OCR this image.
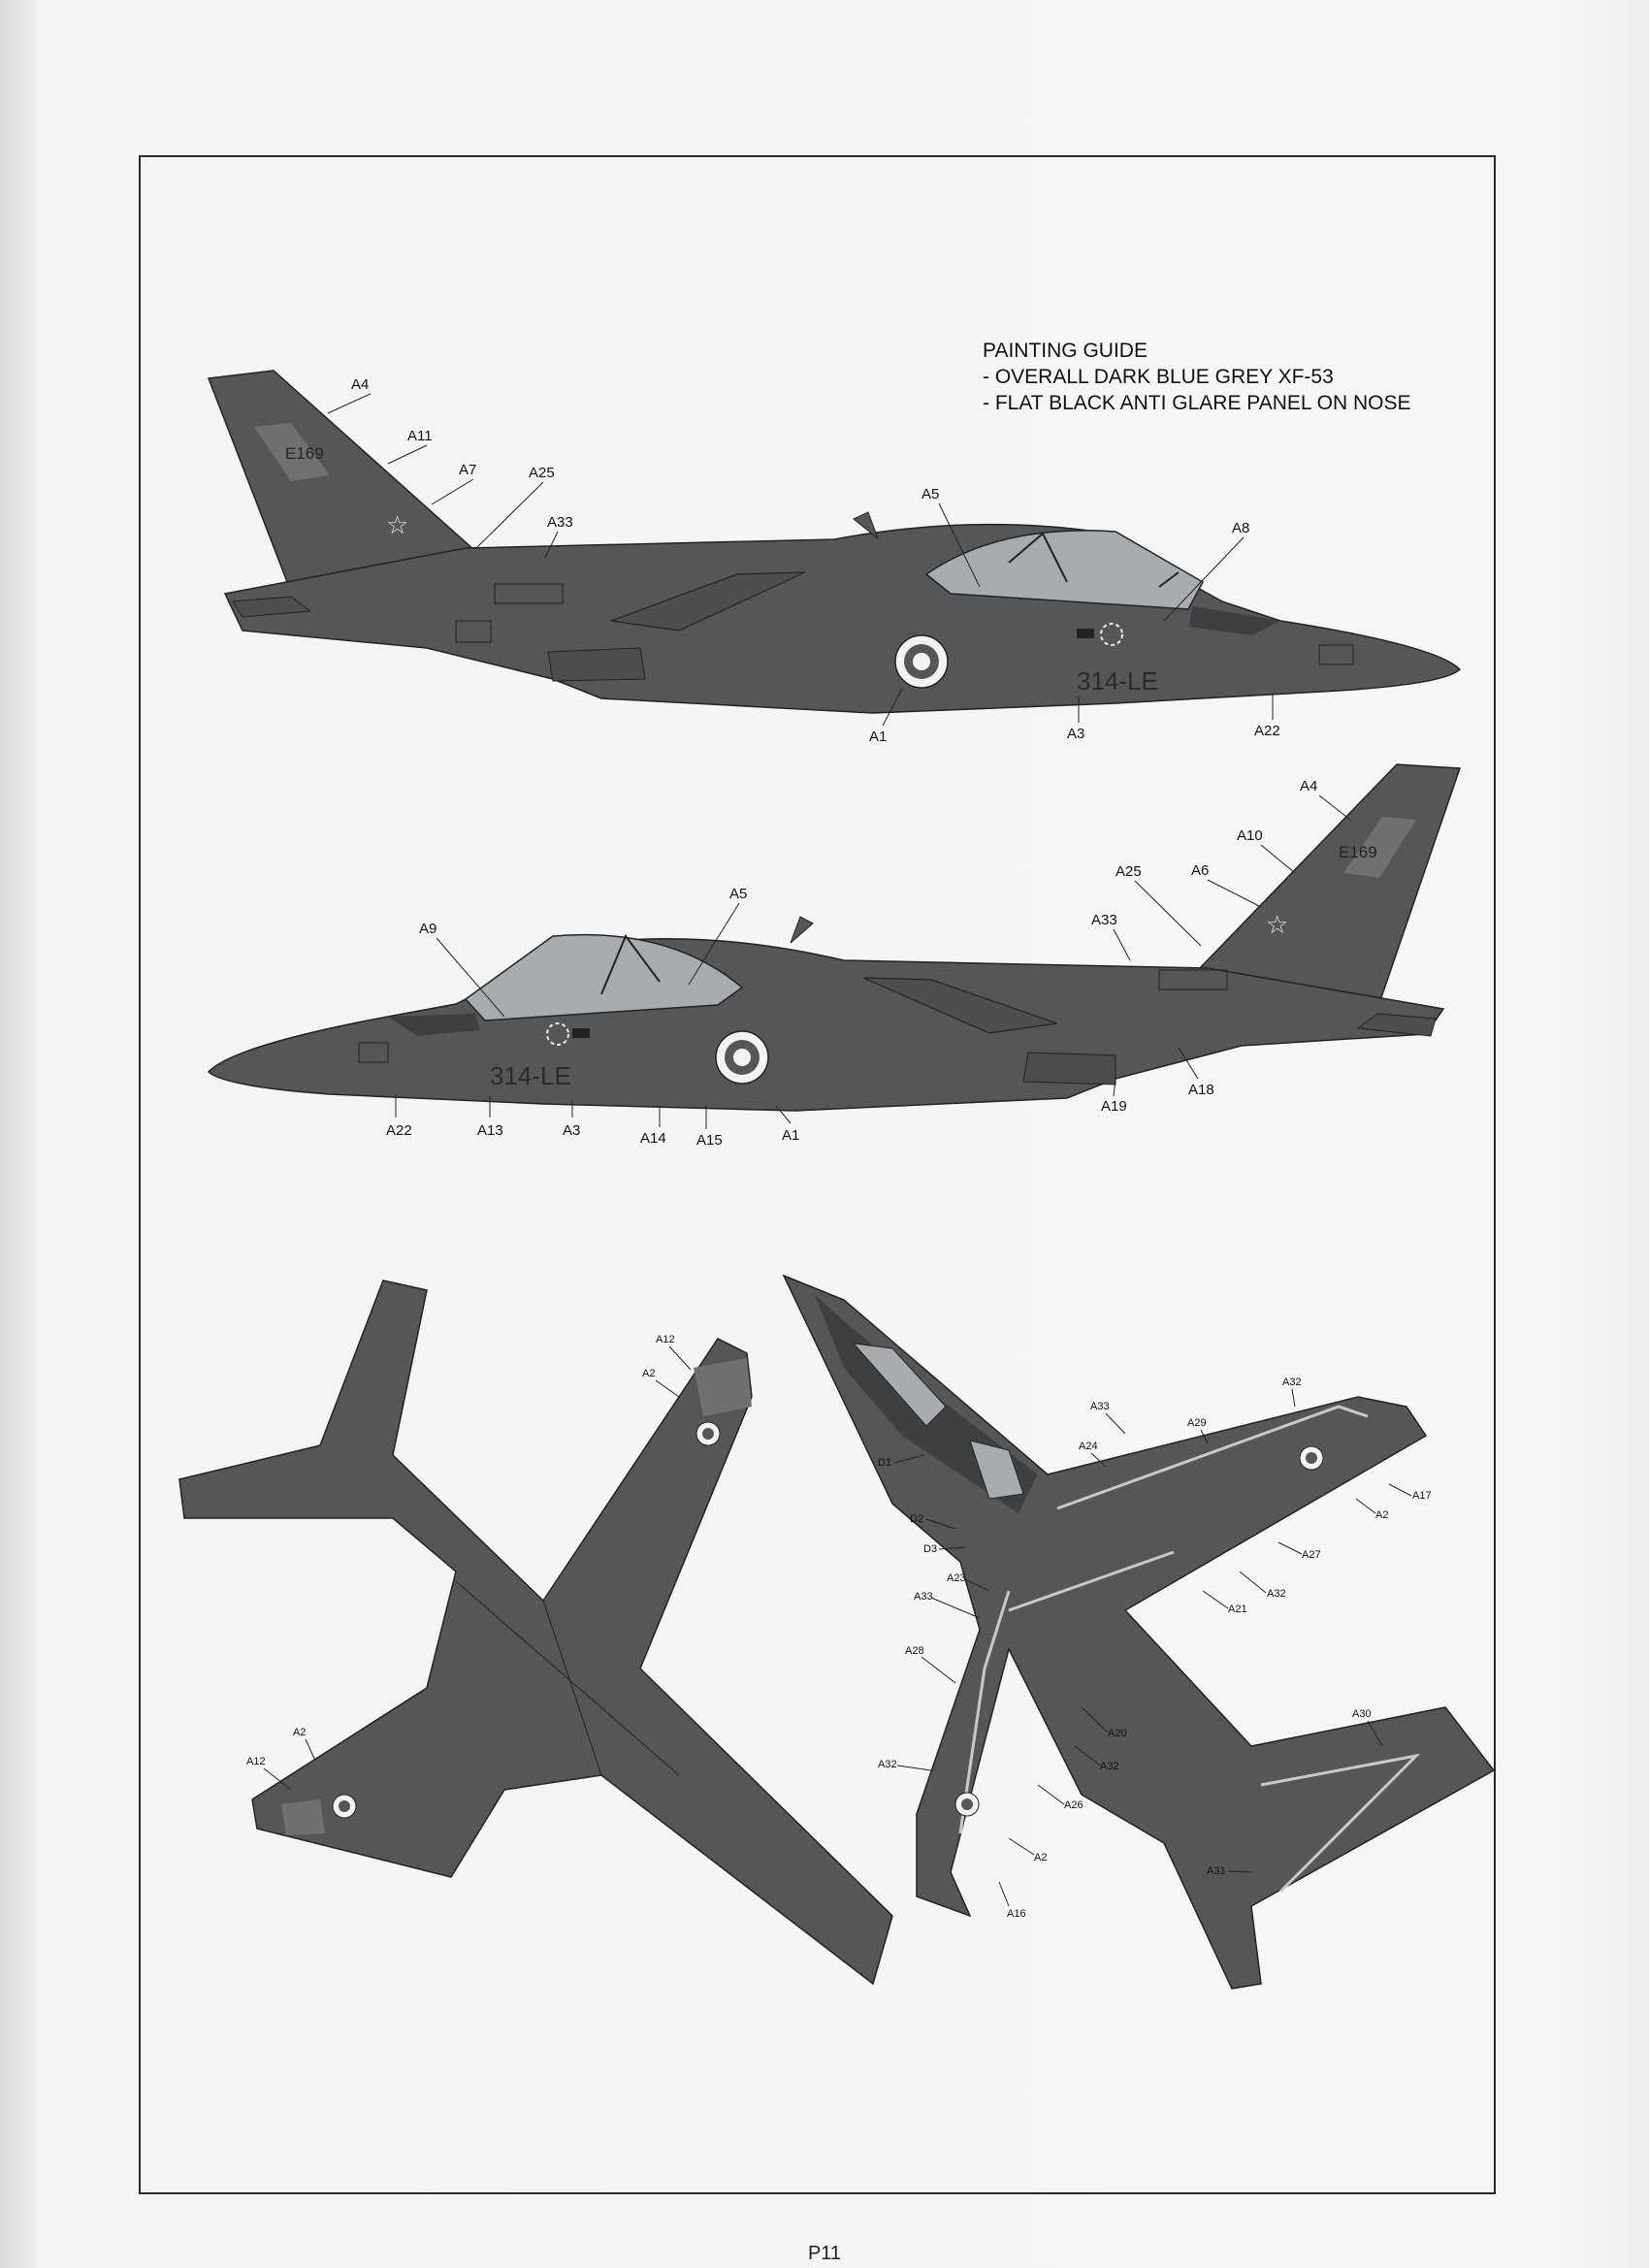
PAINTING GUIDE
- OVERALL DARK BLUE GREY XF-53
- FLAT BLACK ANTI GLARE PANEL ON NOSE
☆
E169
314-LE
A4
A11
A7	A25
A33
A5
A8
A1	A3	A22
☆
E169
314-LE
A4
A10
A25	A6
A33
A5
A9
A22	A13	A3	A14 A15	A1
A19
A18
A12
A2
A2
A12
A32
A33
A29
A24
D1
A17
A2
D2
D3	A27
A23
A33	A32
A21
A28
A20
A32
A32
A26
A30
A2
A31
A16
P11
